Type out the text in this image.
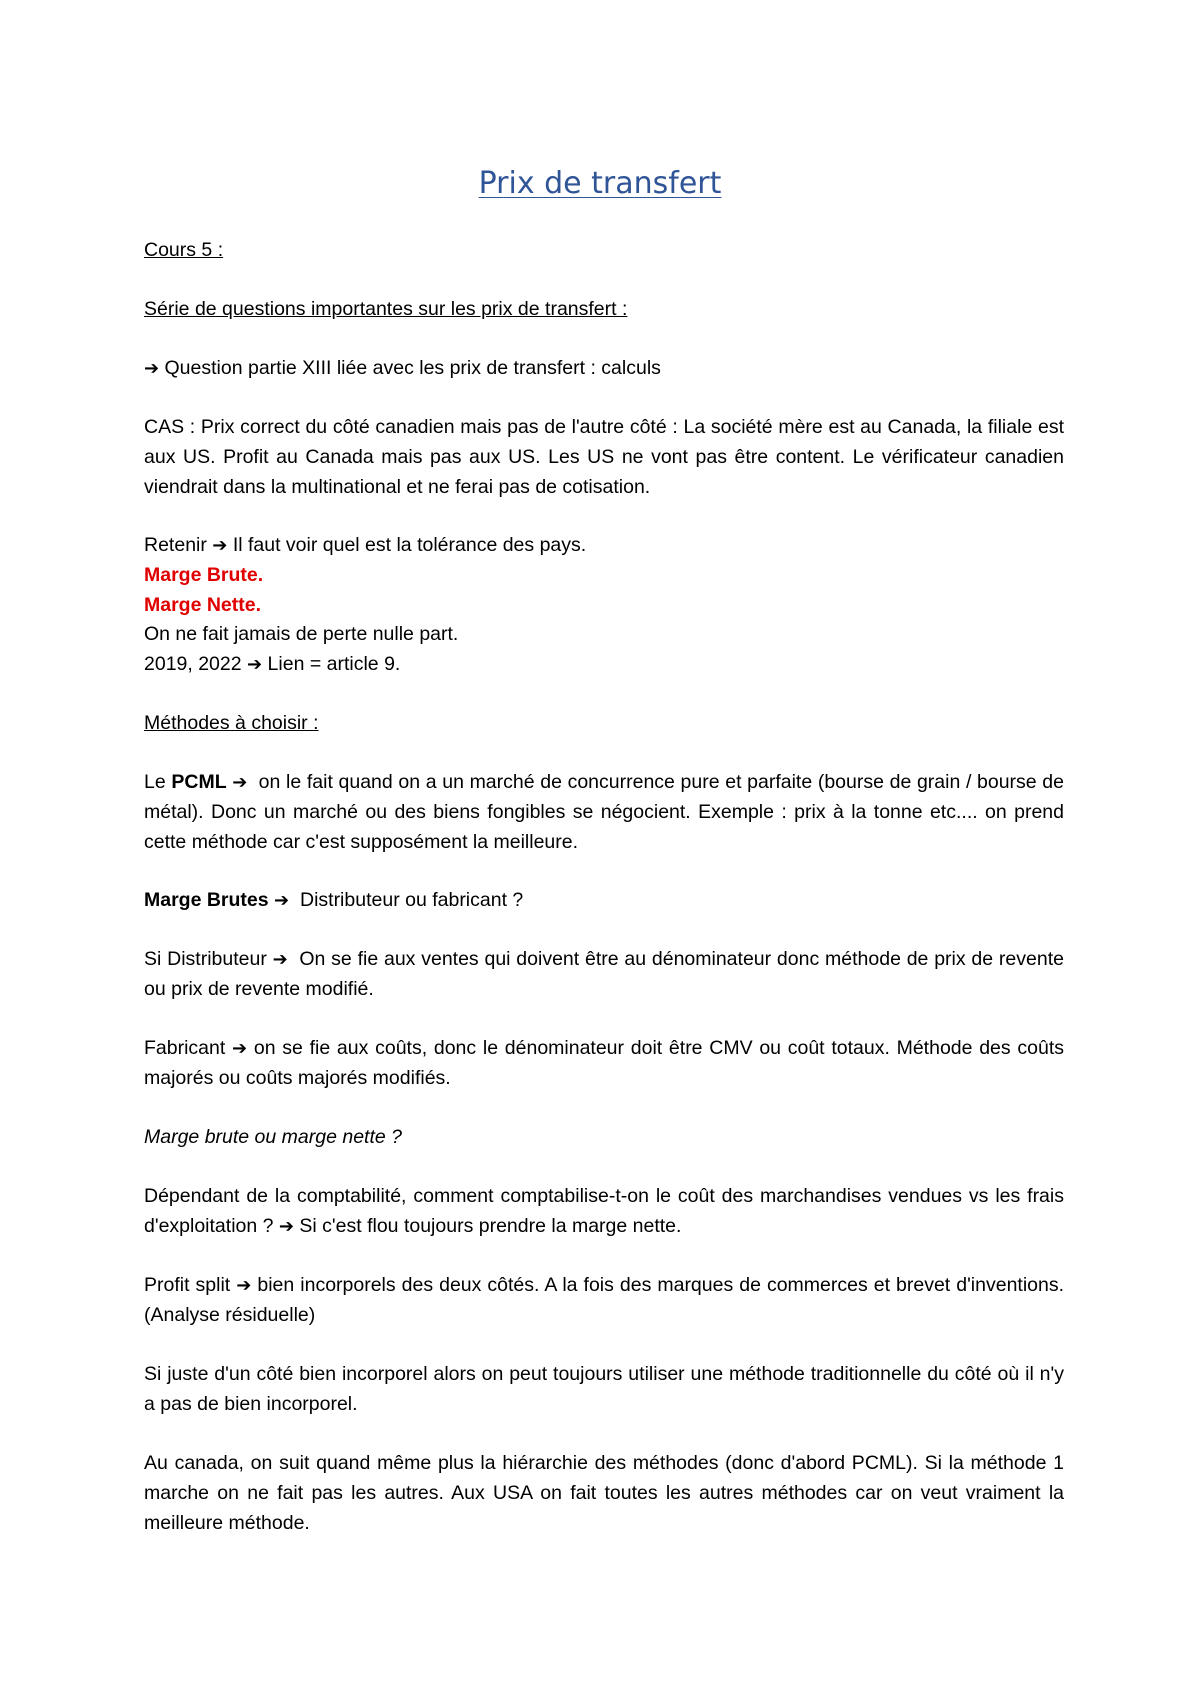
Prix de transfert

Cours 5 :

Série de questions importantes sur les prix de transfert :

➔ Question partie XIII liée avec les prix de transfert : calculs

CAS : Prix correct du côté canadien mais pas de l'autre côté : La société mère est au Canada, la filiale est aux US. Profit au Canada mais pas aux US. Les US ne vont pas être content. Le vérificateur canadien viendrait dans la multinational et ne ferai pas de cotisation.

Retenir ➔ Il faut voir quel est la tolérance des pays.
Marge Brute.
Marge Nette.
On ne fait jamais de perte nulle part.
2019, 2022 ➔ Lien = article 9.

Méthodes à choisir :

Le PCML ➔ on le fait quand on a un marché de concurrence pure et parfaite (bourse de grain / bourse de métal). Donc un marché ou des biens fongibles se négocient. Exemple : prix à la tonne etc.... on prend cette méthode car c'est supposément la meilleure.

Marge Brutes ➔ Distributeur ou fabricant ?

Si Distributeur ➔ On se fie aux ventes qui doivent être au dénominateur donc méthode de prix de revente ou prix de revente modifié.

Fabricant ➔ on se fie aux coûts, donc le dénominateur doit être CMV ou coût totaux. Méthode des coûts majorés ou coûts majorés modifiés.

Marge brute ou marge nette ?

Dépendant de la comptabilité, comment comptabilise-t-on le coût des marchandises vendues vs les frais d'exploitation ? ➔ Si c'est flou toujours prendre la marge nette.

Profit split ➔ bien incorporels des deux côtés. A la fois des marques de commerces et brevet d'inventions. (Analyse résiduelle)

Si juste d'un côté bien incorporel alors on peut toujours utiliser une méthode traditionnelle du côté où il n'y a pas de bien incorporel.

Au canada, on suit quand même plus la hiérarchie des méthodes (donc d'abord PCML). Si la méthode 1 marche on ne fait pas les autres. Aux USA on fait toutes les autres méthodes car on veut vraiment la meilleure méthode.
